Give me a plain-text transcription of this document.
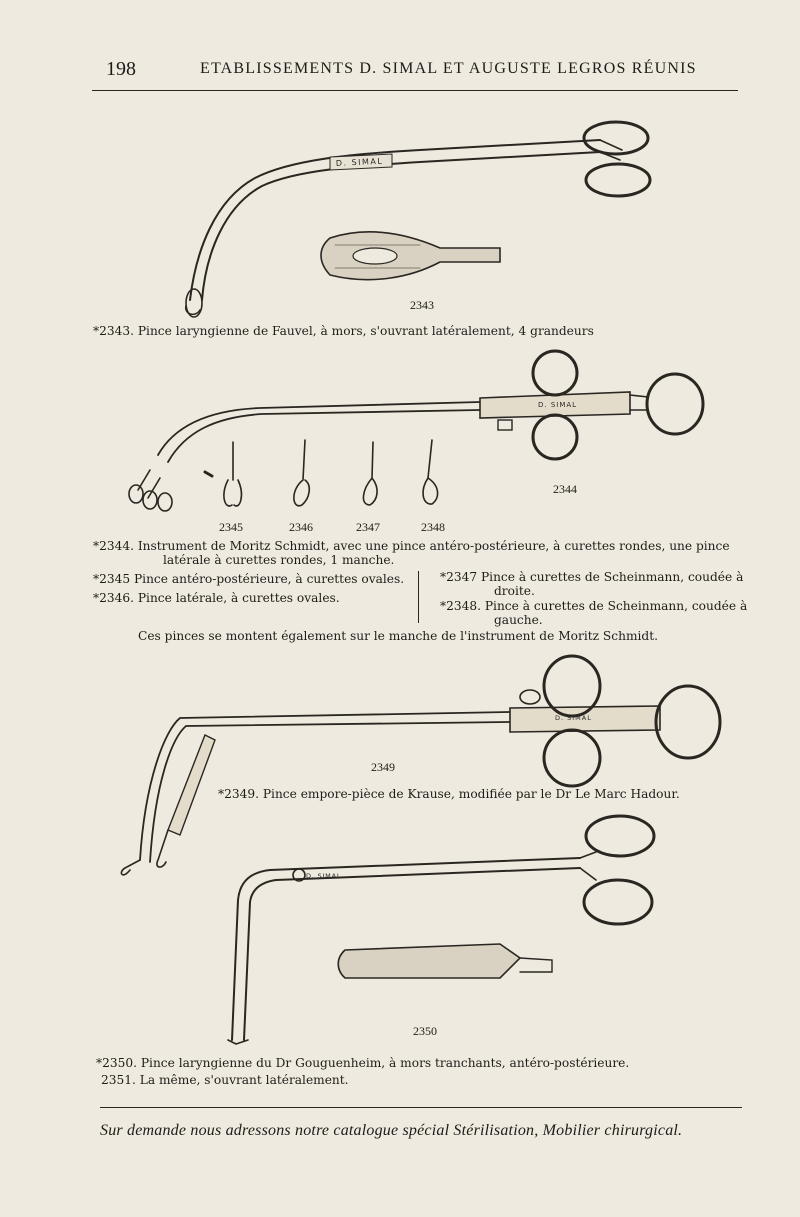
198	ETABLISSEMENTS D. SIMAL ET AUGUSTE LEGROS RÉUNIS
D. SIMAL
D. SIMAL
D. SIMAL
D. SIMAL
2343
2344
2345	2346	2347	2348
2349
2350
*2343. Pince laryngienne de Fauvel, à mors, s'ouvrant latéralement, 4 grandeurs
*2344. Instrument de Moritz Schmidt, avec une pince antéro-postérieure, à curettes rondes, une pince
latérale à curettes rondes, 1 manche.
*2345 Pince antéro-postérieure, à curettes ovales.
*2346. Pince latérale, à curettes ovales.
*2347 Pince à curettes de Scheinmann, coudée à
droite.
*2348. Pince à curettes de Scheinmann, coudée à
gauche.
Ces pinces se montent également sur le manche de l'instrument de Moritz Schmidt.
*2349. Pince empore-pièce de Krause, modifiée par le Dr Le Marc Hadour.
*2350. Pince laryngienne du Dr Gouguenheim, à mors tranchants, antéro-postérieure.
2351. La même, s'ouvrant latéralement.
Sur demande nous adressons notre catalogue spécial Stérilisation, Mobilier chirurgical.
